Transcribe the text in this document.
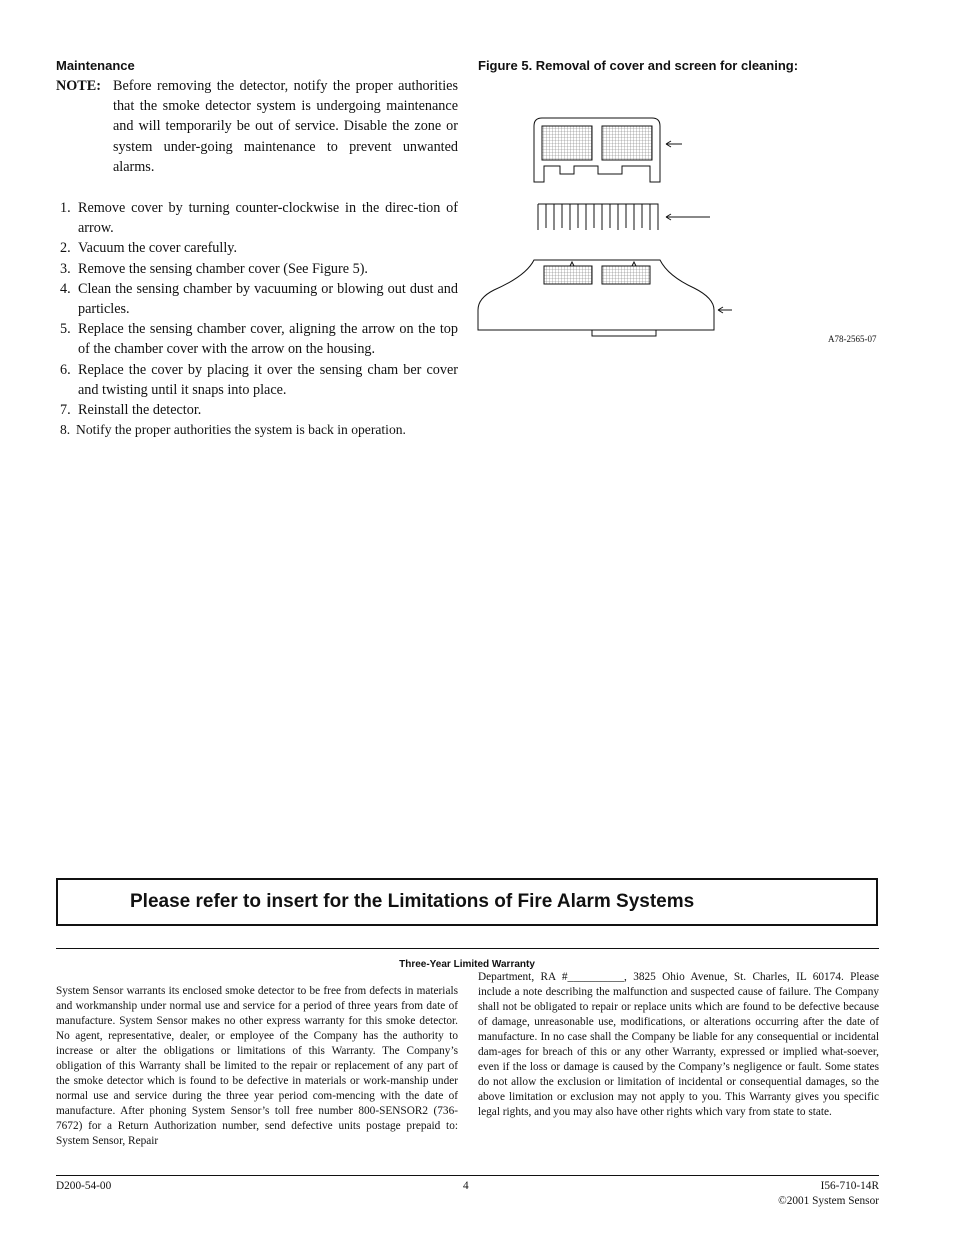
Maintenance
NOTE: Before removing the detector, notify the proper authorities that the smoke detector system is undergoing maintenance and will temporarily be out of service. Disable the zone or system under-going maintenance to prevent unwanted alarms.
1. Remove cover by turning counter-clockwise in the direc-tion of arrow.
2. Vacuum the cover carefully.
3. Remove the sensing chamber cover (See Figure 5).
4. Clean the sensing chamber by vacuuming or blowing out dust and particles.
5. Replace the sensing chamber cover, aligning the arrow on the top of the chamber cover with the arrow on the housing.
6. Replace the cover by placing it over the sensing cham ber cover and twisting until it snaps into place.
7. Reinstall the detector.
8. Notify the proper authorities the system is back in operation.
Figure 5. Removal of cover and screen for cleaning:
A78-2565-07
Please refer to insert for the Limitations of Fire Alarm Systems
Three-Year Limited Warranty
System Sensor warrants its enclosed smoke detector to be free from defects in materials and workmanship under normal use and service for a period of three years from date of manufacture. System Sensor makes no other express warranty for this smoke detector. No agent, representative, dealer, or employee of the Company has the authority to increase or alter the obligations or limitations of this Warranty. The Company’s obligation of this Warranty shall be limited to the repair or replacement of any part of the smoke detector which is found to be defective in materials or work-manship under normal use and service during the three year period com-mencing with the date of manufacture. After phoning System Sensor’s toll free number 800-SENSOR2 (736-7672) for a Return Authorization number, send defective units postage prepaid to: System Sensor, Repair
Department, RA #__________, 3825 Ohio Avenue, St. Charles, IL 60174. Please include a note describing the malfunction and suspected cause of failure. The Company shall not be obligated to repair or replace units which are found to be defective because of damage, unreasonable use, modifications, or alterations occurring after the date of manufacture. In no case shall the Company be liable for any consequential or incidental dam-ages for breach of this or any other Warranty, expressed or implied what-soever, even if the loss or damage is caused by the Company’s negligence or fault. Some states do not allow the exclusion or limitation of incidental or consequential damages, so the above limitation or exclusion may not apply to you. This Warranty gives you specific legal rights, and you may also have other rights which vary from state to state.
D200-54-00	4	I56-710-14R
©2001 System Sensor
